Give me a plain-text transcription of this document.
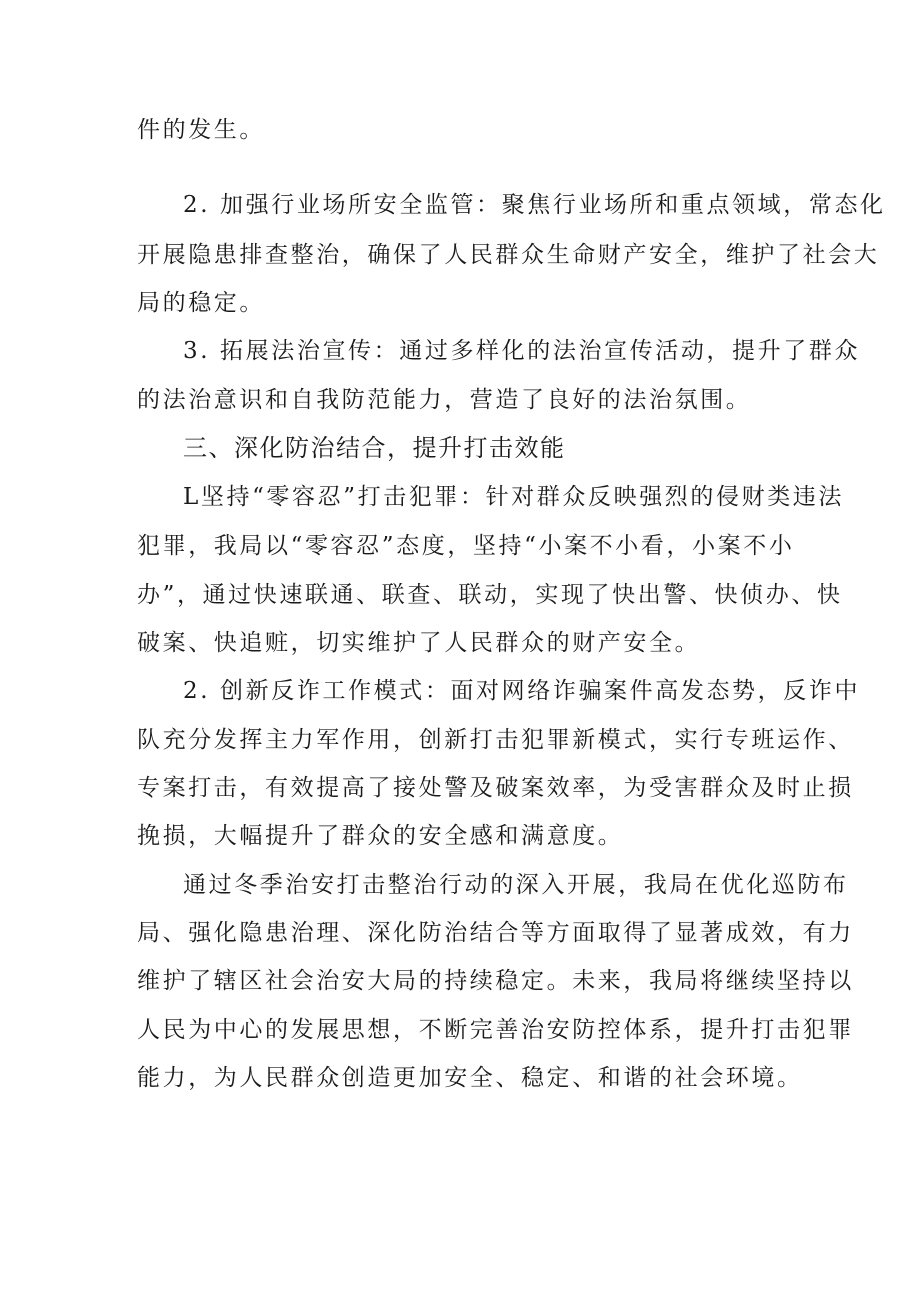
件的发生。
2. 加强行业场所安全监管：聚焦行业场所和重点领域，常态化
开展隐患排查整治，确保了人民群众生命财产安全，维护了社会大
局的稳定。
3. 拓展法治宣传：通过多样化的法治宣传活动，提升了群众
的法治意识和自我防范能力，营造了良好的法治氛围。
三、深化防治结合，提升打击效能
L坚持“零容忍”打击犯罪：针对群众反映强烈的侵财类违法
犯罪，我局以“零容忍”态度，坚持“小案不小看，小案不小
办”，通过快速联通、联查、联动，实现了快出警、快侦办、快
破案、快追赃，切实维护了人民群众的财产安全。
2. 创新反诈工作模式：面对网络诈骗案件高发态势，反诈中
队充分发挥主力军作用，创新打击犯罪新模式，实行专班运作、
专案打击，有效提高了接处警及破案效率，为受害群众及时止损
挽损，大幅提升了群众的安全感和满意度。
通过冬季治安打击整治行动的深入开展，我局在优化巡防布
局、强化隐患治理、深化防治结合等方面取得了显著成效，有力
维护了辖区社会治安大局的持续稳定。未来，我局将继续坚持以
人民为中心的发展思想，不断完善治安防控体系，提升打击犯罪
能力，为人民群众创造更加安全、稳定、和谐的社会环境。
